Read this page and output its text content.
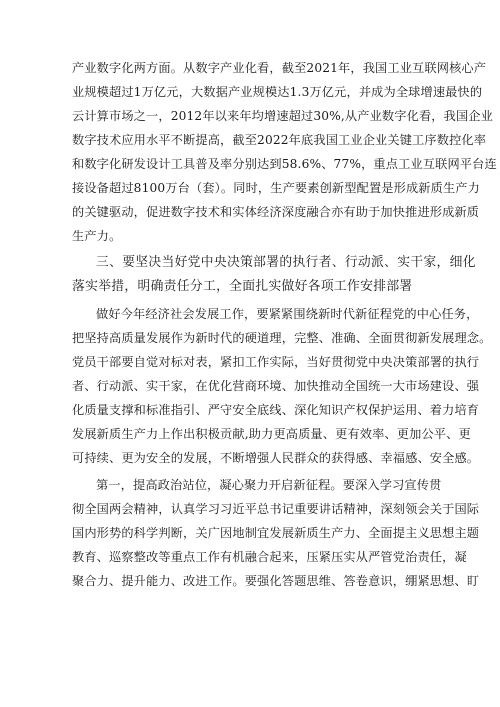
产业数字化两方面。从数字产业化看，截至2021年，我国工业互联网核心产
业规模超过1万亿元，大数据产业规模达1.3万亿元，并成为全球增速最快的
云计算市场之一，2012年以来年均增速超过30%,从产业数字化看，我国企业
数字技术应用水平不断提高，截至2022年底我国工业企业关键工序数控化率
和数字化研发设计工具普及率分别达到58.6%、77%，重点工业互联网平台连
接设备超过8100万台（套）。同时，生产要素创新型配置是形成新质生产力
的关键驱动，促进数字技术和实体经济深度融合亦有助于加快推进形成新质
生产力。
三、要坚决当好党中央决策部署的执行者、行动派、实干家，细化
落实举措，明确责任分工，全面扎实做好各项工作安排部署
做好今年经济社会发展工作，要紧紧围绕新时代新征程党的中心任务，
把坚持高质量发展作为新时代的硬道理，完整、准确、全面贯彻新发展理念。
党员干部要自觉对标对表，紧扣工作实际，当好贯彻党中央决策部署的执行
者、行动派、实干家，在优化营商环境、加快推动全国统一大市场建设、强
化质量支撑和标准指引、严守安全底线、深化知识产权保护运用、着力培育
发展新质生产力上作出积极贡献,助力更高质量、更有效率、更加公平、更
可持续、更为安全的发展，不断增强人民群众的获得感、幸福感、安全感。
第一，提高政治站位，凝心聚力开启新征程。要深入学习宣传贯
彻全国两会精神，认真学习习近平总书记重要讲话精神，深刻领会关于国际
国内形势的科学判断，关广因地制宜发展新质生产力、全面提主义思想主题
教育、巡察整改等重点工作有机融合起来，压紧压实从严管党治责任，凝
聚合力、提升能力、改进工作。要强化答题思维、答卷意识，绷紧思想、盯
